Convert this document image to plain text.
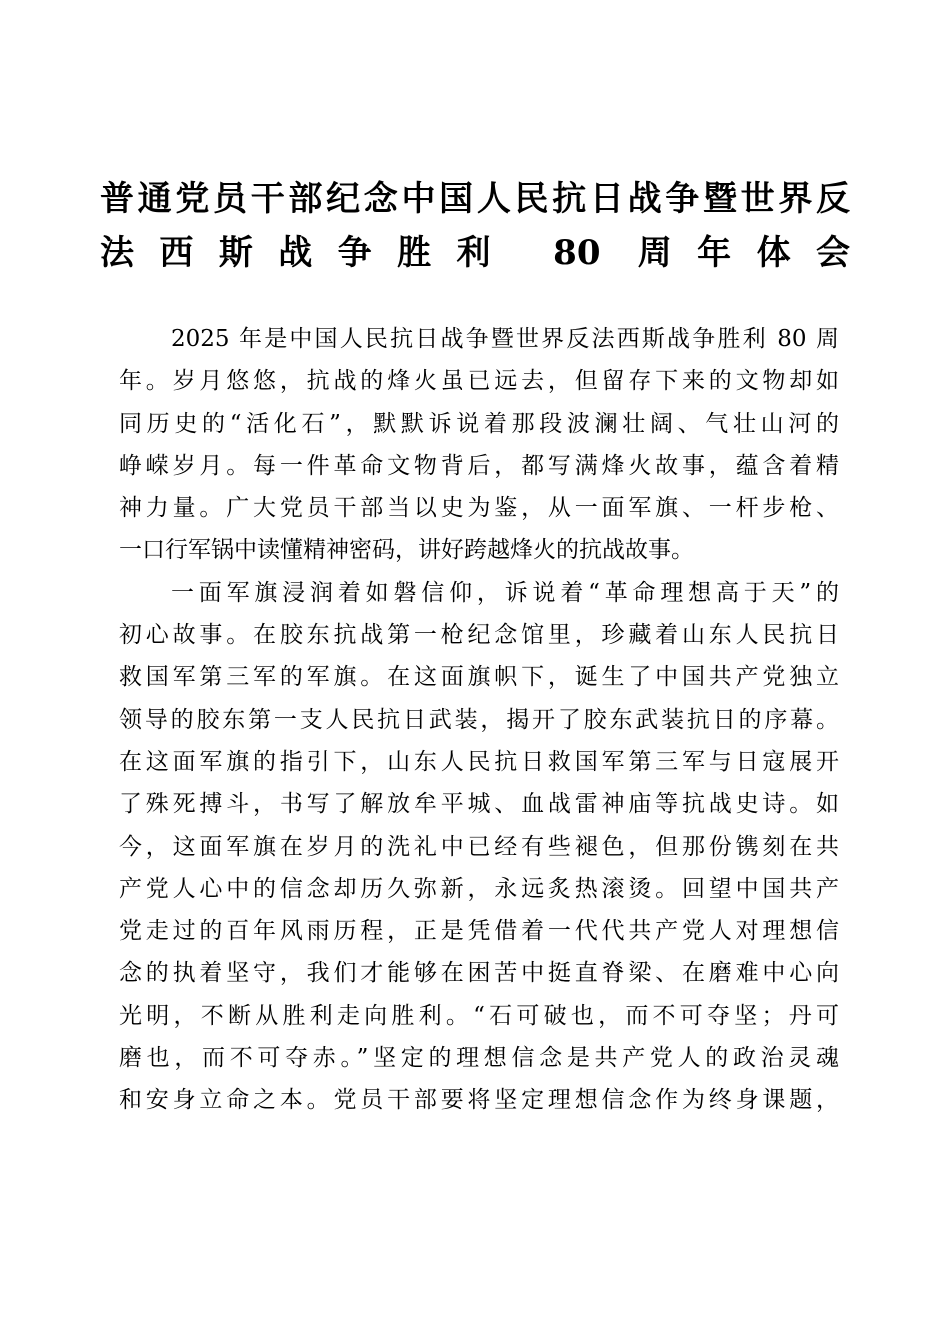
普通党员干部纪念中国人民抗日战争暨世界反
法西斯战争胜利 80 周年体会
2025 年是中国人民抗日战争暨世界反法西斯战争胜利 80 周
年。岁月悠悠，抗战的烽火虽已远去，但留存下来的文物却如
同历史的“活化石”，默默诉说着那段波澜壮阔、气壮山河的
峥嵘岁月。每一件革命文物背后，都写满烽火故事，蕴含着精
神力量。广大党员干部当以史为鉴，从一面军旗、一杆步枪、
一口行军锅中读懂精神密码，讲好跨越烽火的抗战故事。
一面军旗浸润着如磐信仰，诉说着“革命理想高于天”的
初心故事。在胶东抗战第一枪纪念馆里，珍藏着山东人民抗日
救国军第三军的军旗。在这面旗帜下，诞生了中国共产党独立
领导的胶东第一支人民抗日武装，揭开了胶东武装抗日的序幕。
在这面军旗的指引下，山东人民抗日救国军第三军与日寇展开
了殊死搏斗，书写了解放牟平城、血战雷神庙等抗战史诗。如
今，这面军旗在岁月的洗礼中已经有些褪色，但那份镌刻在共
产党人心中的信念却历久弥新，永远炙热滚烫。回望中国共产
党走过的百年风雨历程，正是凭借着一代代共产党人对理想信
念的执着坚守，我们才能够在困苦中挺直脊梁、在磨难中心向
光明，不断从胜利走向胜利。“石可破也，而不可夺坚；丹可
磨也，而不可夺赤。”坚定的理想信念是共产党人的政治灵魂
和安身立命之本。党员干部要将坚定理想信念作为终身课题，
